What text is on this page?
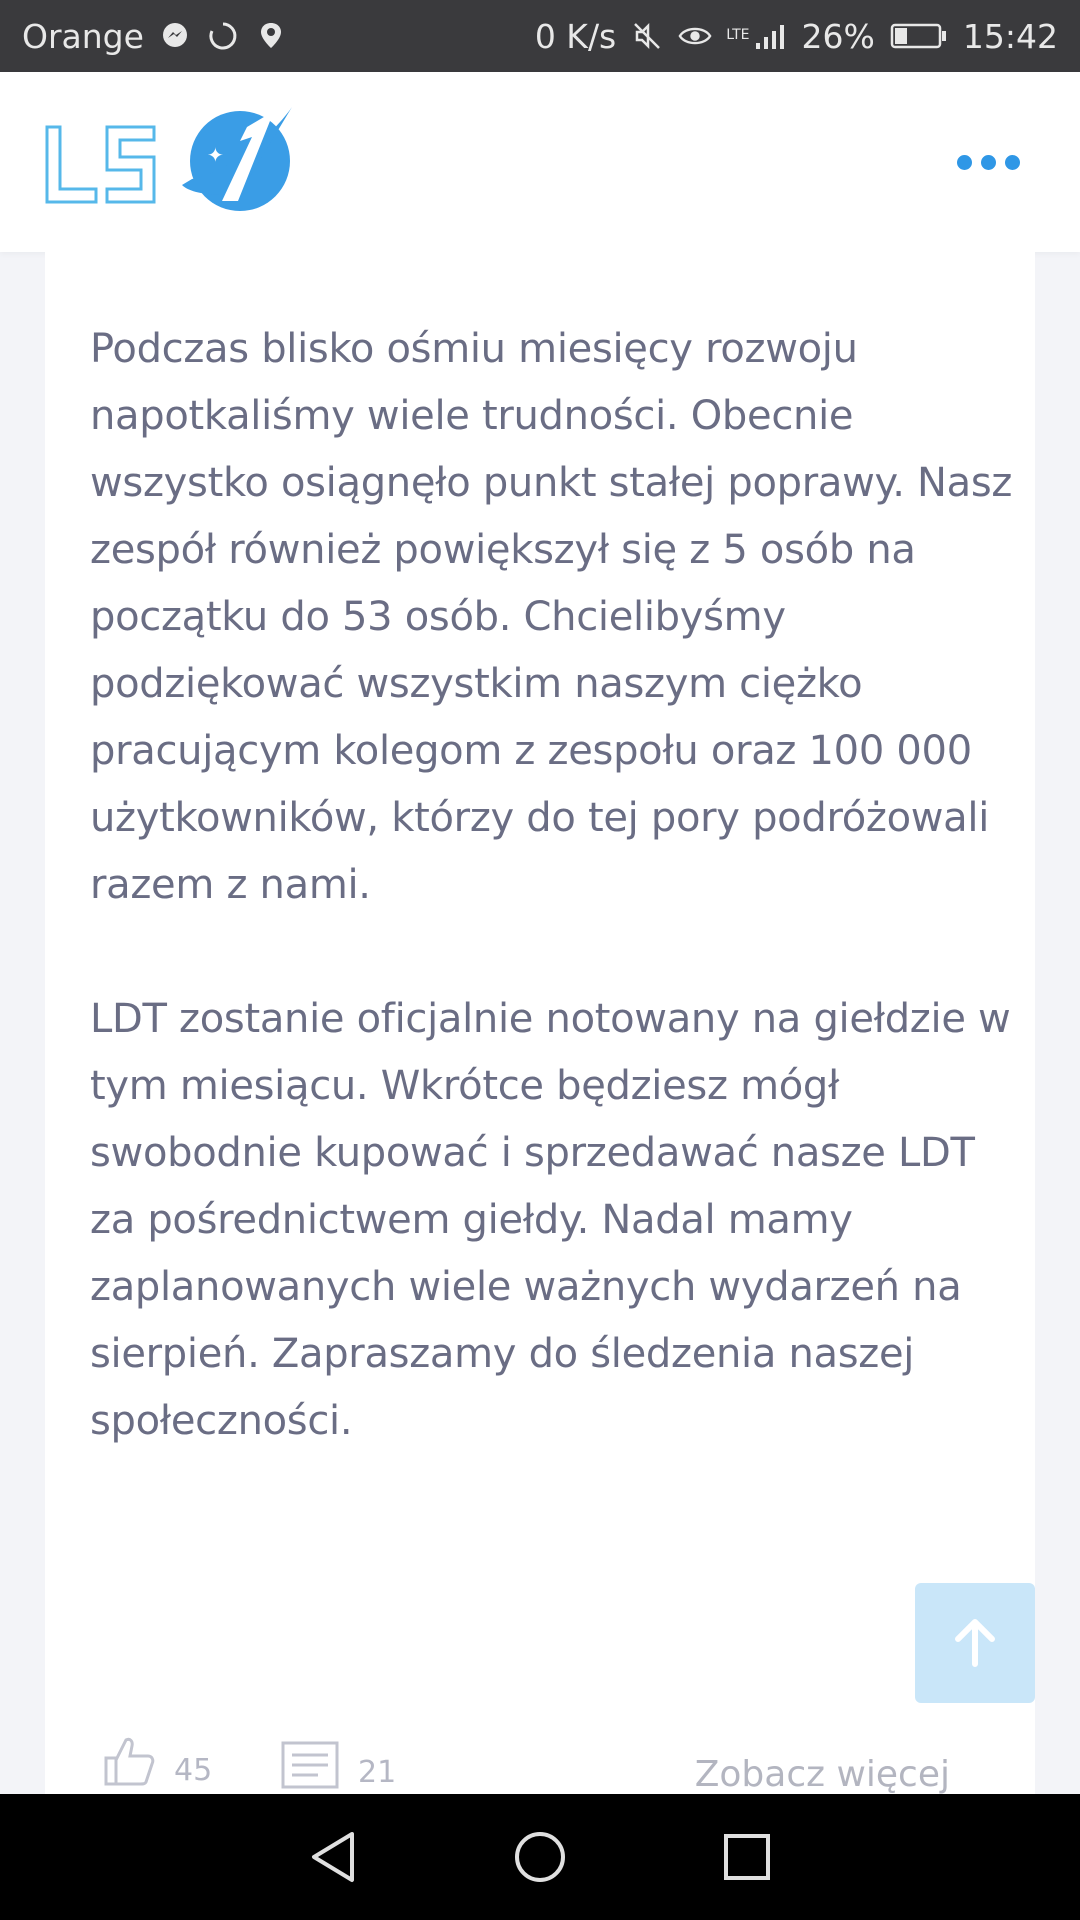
Orange	0 K/s	LTE 26%	15:42
✦

Podczas blisko ośmiu miesięcy rozwoju napotkaliśmy wiele trudności. Obecnie wszystko osiągnęło punkt stałej poprawy. Nasz zespół również powiększył się z 5 osób na początku do 53 osób. Chcielibyśmy podziękować wszystkim naszym ciężko pracującym kolegom z zespołu oraz 100 000 użytkowników, którzy do tej pory podróżowali razem z nami.

LDT zostanie oficjalnie notowany na giełdzie w tym miesiącu. Wkrótce będziesz mógł swobodnie kupować i sprzedawać nasze LDT za pośrednictwem giełdy. Nadal mamy zaplanowanych wiele ważnych wydarzeń na sierpień. Zapraszamy do śledzenia naszej społeczności.

45	21	Zobacz więcej
